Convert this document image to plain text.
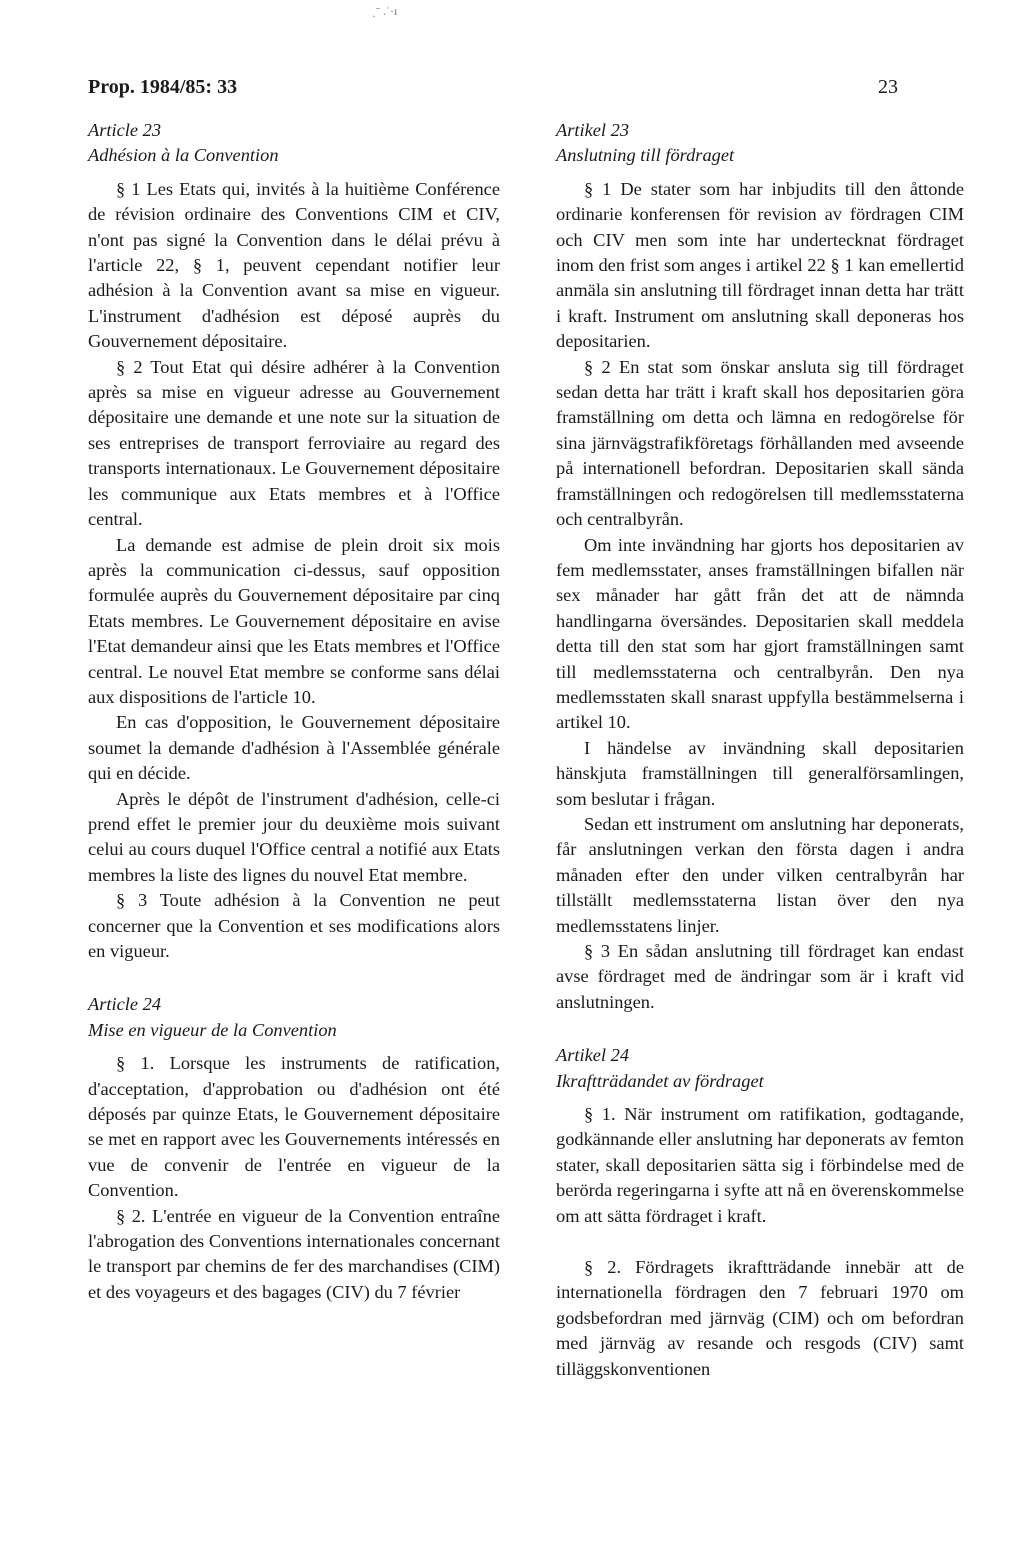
ˏˉ .˙·ı
Prop. 1984/85: 33	23
Article 23
Adhésion à la Convention

§ 1 Les Etats qui, invités à la huitième Conférence de révision ordinaire des Conventions CIM et CIV, n'ont pas signé la Convention dans le délai prévu à l'article 22, § 1, peuvent cependant notifier leur adhésion à la Convention avant sa mise en vigueur. L'instrument d'adhésion est déposé auprès du Gouvernement dépositaire.

§ 2 Tout Etat qui désire adhérer à la Convention après sa mise en vigueur adresse au Gouvernement dépositaire une demande et une note sur la situation de ses entreprises de transport ferroviaire au regard des transports internationaux. Le Gouvernement dépositaire les communique aux Etats membres et à l'Office central.

La demande est admise de plein droit six mois après la communication ci-dessus, sauf opposition formulée auprès du Gouvernement dépositaire par cinq Etats membres. Le Gouvernement dépositaire en avise l'Etat demandeur ainsi que les Etats membres et l'Office central. Le nouvel Etat membre se conforme sans délai aux dispositions de l'article 10.

En cas d'opposition, le Gouvernement dépositaire soumet la demande d'adhésion à l'Assemblée générale qui en décide.

Après le dépôt de l'instrument d'adhésion, celle-ci prend effet le premier jour du deuxième mois suivant celui au cours duquel l'Office central a notifié aux Etats membres la liste des lignes du nouvel Etat membre.

§ 3 Toute adhésion à la Convention ne peut concerner que la Convention et ses modifications alors en vigueur.

Article 24
Mise en vigueur de la Convention

§ 1. Lorsque les instruments de ratification, d'acceptation, d'approbation ou d'adhésion ont été déposés par quinze Etats, le Gouvernement dépositaire se met en rapport avec les Gouvernements intéressés en vue de convenir de l'entrée en vigueur de la Convention.

§ 2. L'entrée en vigueur de la Convention entraîne l'abrogation des Conventions internationales concernant le transport par chemins de fer des marchandises (CIM) et des voyageurs et des bagages (CIV) du 7 février

Artikel 23
Anslutning till fördraget

§ 1 De stater som har inbjudits till den åttonde ordinarie konferensen för revision av fördragen CIM och CIV men som inte har undertecknat fördraget inom den frist som anges i artikel 22 § 1 kan emellertid anmäla sin anslutning till fördraget innan detta har trätt i kraft. Instrument om anslutning skall deponeras hos depositarien.

§ 2 En stat som önskar ansluta sig till fördraget sedan detta har trätt i kraft skall hos depositarien göra framställning om detta och lämna en redogörelse för sina järnvägstrafikföretags förhållanden med avseende på internationell befordran. Depositarien skall sända framställningen och redogörelsen till medlemsstaterna och centralbyrån.

Om inte invändning har gjorts hos depositarien av fem medlemsstater, anses framställningen bifallen när sex månader har gått från det att de nämnda handlingarna översändes. Depositarien skall meddela detta till den stat som har gjort framställningen samt till medlemsstaterna och centralbyrån. Den nya medlemsstaten skall snarast uppfylla bestämmelserna i artikel 10.

I händelse av invändning skall depositarien hänskjuta framställningen till generalförsamlingen, som beslutar i frågan.

Sedan ett instrument om anslutning har deponerats, får anslutningen verkan den första dagen i andra månaden efter den under vilken centralbyrån har tillställt medlemsstaterna listan över den nya medlemsstatens linjer.

§ 3 En sådan anslutning till fördraget kan endast avse fördraget med de ändringar som är i kraft vid anslutningen.

Artikel 24
Ikraftträdandet av fördraget

§ 1. När instrument om ratifikation, godtagande, godkännande eller anslutning har deponerats av femton stater, skall depositarien sätta sig i förbindelse med de berörda regeringarna i syfte att nå en överenskommelse om att sätta fördraget i kraft.

§ 2. Fördragets ikraftträdande innebär att de internationella fördragen den 7 februari 1970 om godsbefordran med järnväg (CIM) och om befordran med järnväg av resande och resgods (CIV) samt tilläggskonventionen
